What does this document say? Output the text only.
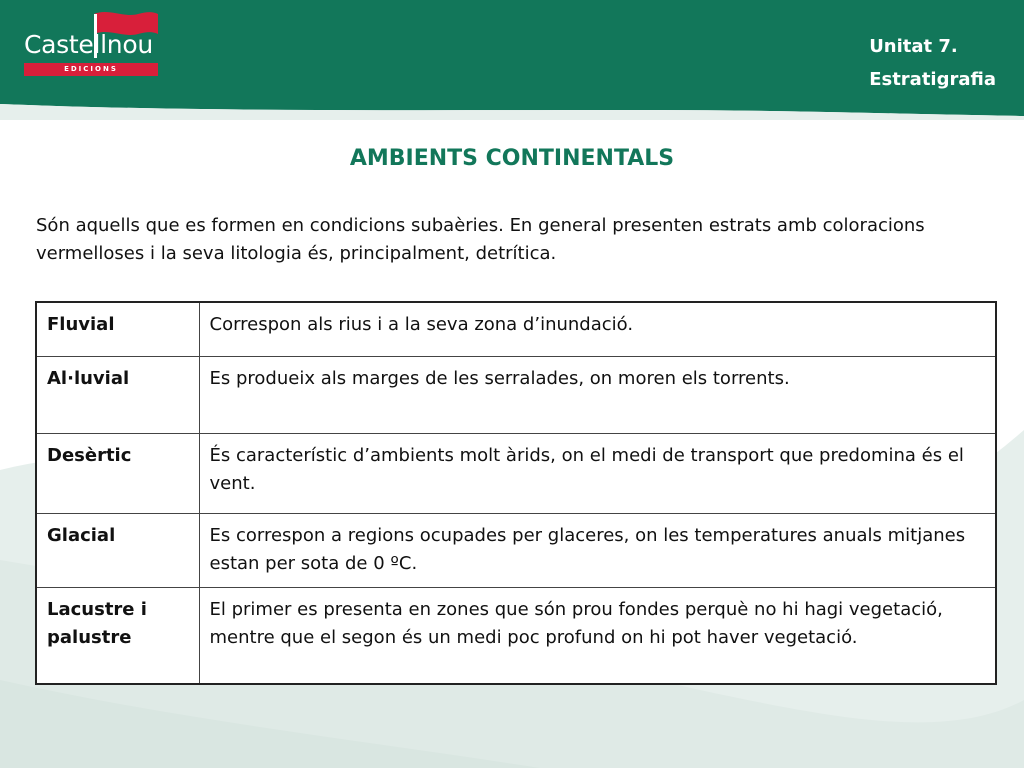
Castellnou
EDICIONS
Unitat 7.
Estratigrafia
AMBIENTS CONTINENTALS
Són aquells que es formen en condicions subaèries. En general presenten estrats amb coloracions vermelloses i la seva litologia és, principalment, detrítica.
Fluvial	Correspon als rius i a la seva zona d’inundació.
Al·luvial	Es produeix als marges de les serralades, on moren els torrents.
Desèrtic	És característic d’ambients molt àrids, on el medi de transport que predomina és el vent.
Glacial	Es correspon a regions ocupades per glaceres, on les temperatures anuals mitjanes estan per sota de 0 ºC.
Lacustre i palustre	El primer es presenta en zones que són prou fondes perquè no hi hagi vegetació, mentre que el segon és un medi poc profund on hi pot haver vegetació.
